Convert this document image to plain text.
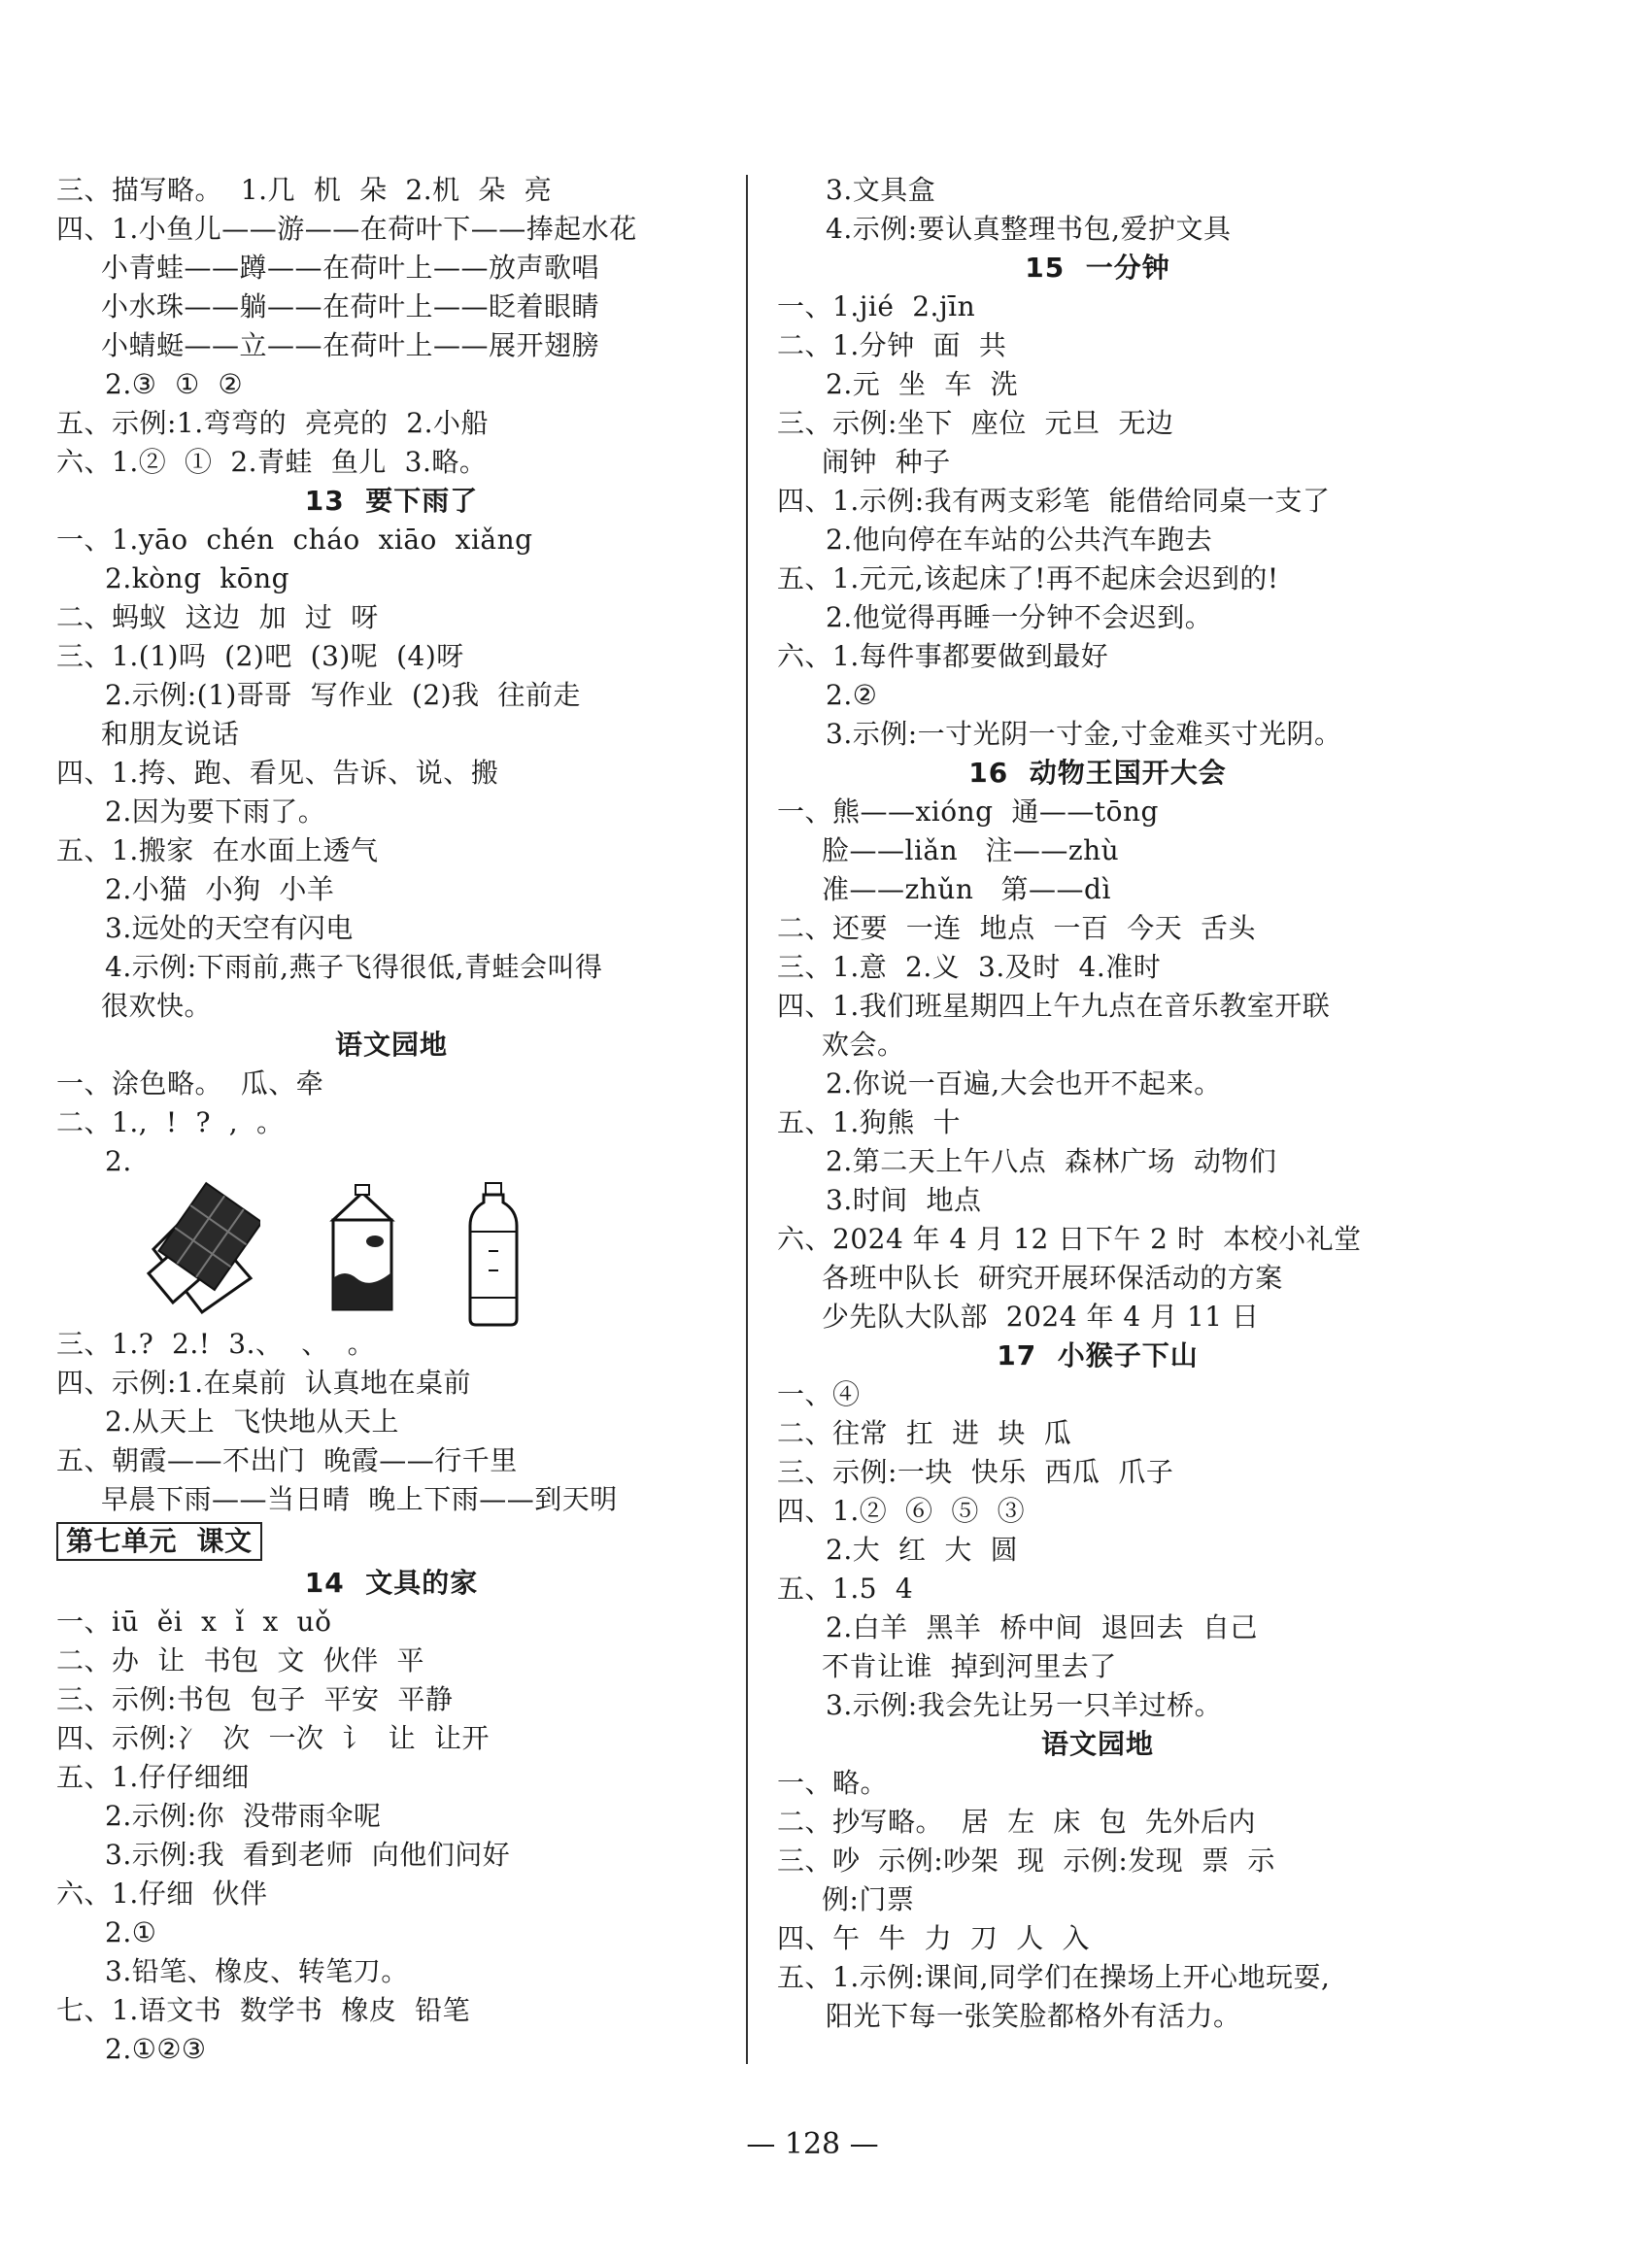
三、描写略。  1.几  机  朵  2.机  朵  亮
四、1.小鱼儿——游——在荷叶下——捧起水花
小青蛙——蹲——在荷叶上——放声歌唱
小水珠——躺——在荷叶上——眨着眼睛
小蜻蜓——立——在荷叶上——展开翅膀
2.③  ①  ②
五、示例:1.弯弯的  亮亮的  2.小船
六、1.②  ①  2.青蛙  鱼儿  3.略。
13  要下雨了
一、1.yāo  chén  cháo  xiāo  xiǎng
2.kòng  kōng
二、蚂蚁  这边  加  过  呀
三、1.(1)吗  (2)吧  (3)呢  (4)呀
2.示例:(1)哥哥  写作业  (2)我  往前走
和朋友说话
四、1.挎、跑、看见、告诉、说、搬
2.因为要下雨了。
五、1.搬家  在水面上透气
2.小猫  小狗  小羊
3.远处的天空有闪电
4.示例:下雨前,燕子飞得很低,青蛙会叫得
很欢快。
语文园地
一、涂色略。  瓜、牵
二、1.,  !  ?  ,  。
2.
三、1.?  2.!  3.、  、  。
四、示例:1.在桌前  认真地在桌前
2.从天上  飞快地从天上
五、朝霞——不出门  晚霞——行千里
早晨下雨——当日晴  晚上下雨——到天明
第七单元  课文
14  文具的家
一、iū  ěi  x  ǐ  x  uǒ
二、办  让  书包  文  伙伴  平
三、示例:书包  包子  平安  平静
四、示例:冫  次  一次  讠  让  让开
五、1.仔仔细细
2.示例:你  没带雨伞呢
3.示例:我  看到老师  向他们问好
六、1.仔细  伙伴
2.①
3.铅笔、橡皮、转笔刀。
七、1.语文书  数学书  橡皮  铅笔
2.①②③
3.文具盒
4.示例:要认真整理书包,爱护文具
15  一分钟
一、1.jié  2.jīn
二、1.分钟  面  共
2.元  坐  车  洗
三、示例:坐下  座位  元旦  无边
闹钟  种子
四、1.示例:我有两支彩笔  能借给同桌一支了
2.他向停在车站的公共汽车跑去
五、1.元元,该起床了!再不起床会迟到的!
2.他觉得再睡一分钟不会迟到。
六、1.每件事都要做到最好
2.②
3.示例:一寸光阴一寸金,寸金难买寸光阴。
16  动物王国开大会
一、熊——xióng  通——tōng
脸——liǎn   注——zhù
准——zhǔn   第——dì
二、还要  一连  地点  一百  今天  舌头
三、1.意  2.义  3.及时  4.准时
四、1.我们班星期四上午九点在音乐教室开联
欢会。
2.你说一百遍,大会也开不起来。
五、1.狗熊  十
2.第二天上午八点  森林广场  动物们
3.时间  地点
六、2024 年 4 月 12 日下午 2 时  本校小礼堂
各班中队长  研究开展环保活动的方案
少先队大队部  2024 年 4 月 11 日
17  小猴子下山
一、④
二、往常  扛  进  块  瓜
三、示例:一块  快乐  西瓜  爪子
四、1.②  ⑥  ⑤  ③
2.大  红  大  圆
五、1.5  4
2.白羊  黑羊  桥中间  退回去  自己
不肯让谁  掉到河里去了
3.示例:我会先让另一只羊过桥。
语文园地
一、略。
二、抄写略。  居  左  床  包  先外后内
三、吵  示例:吵架  现  示例:发现  票  示
例:门票
四、午  牛  力  刀  人  入
五、1.示例:课间,同学们在操场上开心地玩耍,
阳光下每一张笑脸都格外有活力。
— 128 —
